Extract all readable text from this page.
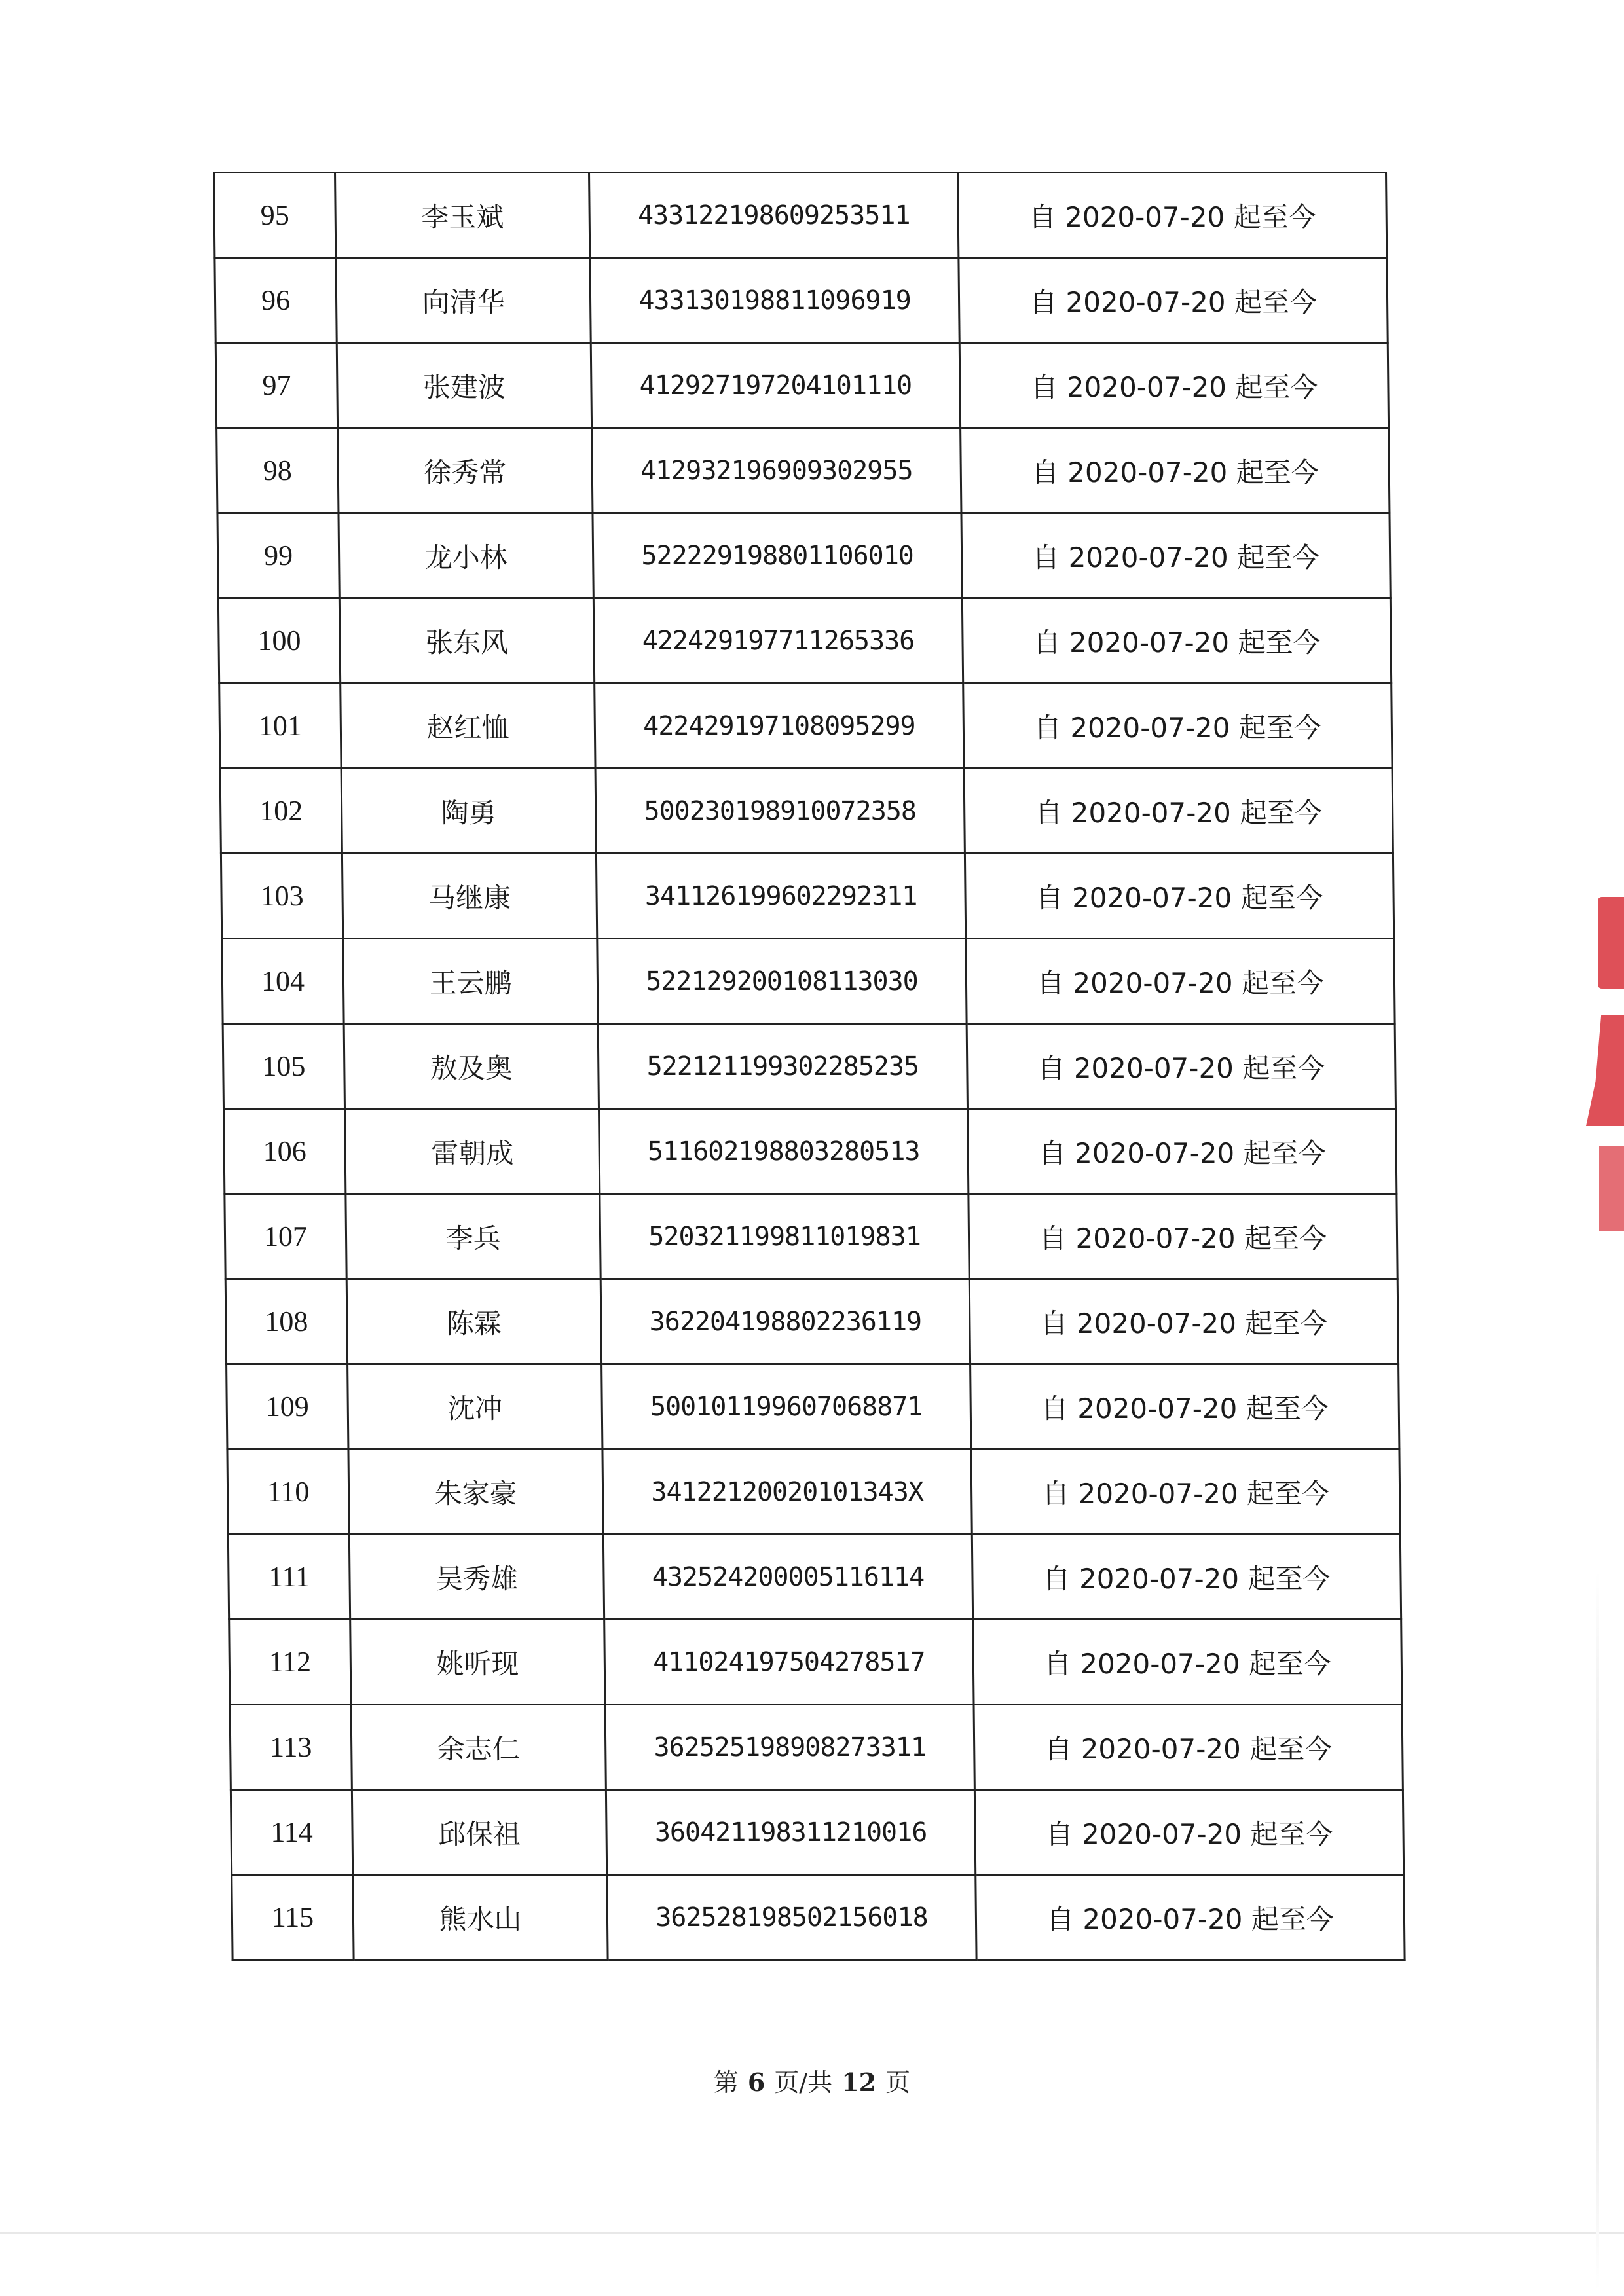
95	李玉斌	433122198609253511	自 2020-07-20 起至今
96	向清华	433130198811096919	自 2020-07-20 起至今
97	张建波	412927197204101110	自 2020-07-20 起至今
98	徐秀常	412932196909302955	自 2020-07-20 起至今
99	龙小林	522229198801106010	自 2020-07-20 起至今
100	张东风	422429197711265336	自 2020-07-20 起至今
101	赵红恤	422429197108095299	自 2020-07-20 起至今
102	陶勇	500230198910072358	自 2020-07-20 起至今
103	马继康	341126199602292311	自 2020-07-20 起至今
104	王云鹏	522129200108113030	自 2020-07-20 起至今
105	敖及奥	522121199302285235	自 2020-07-20 起至今
106	雷朝成	511602198803280513	自 2020-07-20 起至今
107	李兵	520321199811019831	自 2020-07-20 起至今
108	陈霖	362204198802236119	自 2020-07-20 起至今
109	沈冲	500101199607068871	自 2020-07-20 起至今
110	朱家豪	34122120020101343X	自 2020-07-20 起至今
111	吴秀雄	432524200005116114	自 2020-07-20 起至今
112	姚听现	411024197504278517	自 2020-07-20 起至今
113	余志仁	362525198908273311	自 2020-07-20 起至今
114	邱保祖	360421198311210016	自 2020-07-20 起至今
115	熊水山	362528198502156018	自 2020-07-20 起至今
第 6 页/共 12 页
